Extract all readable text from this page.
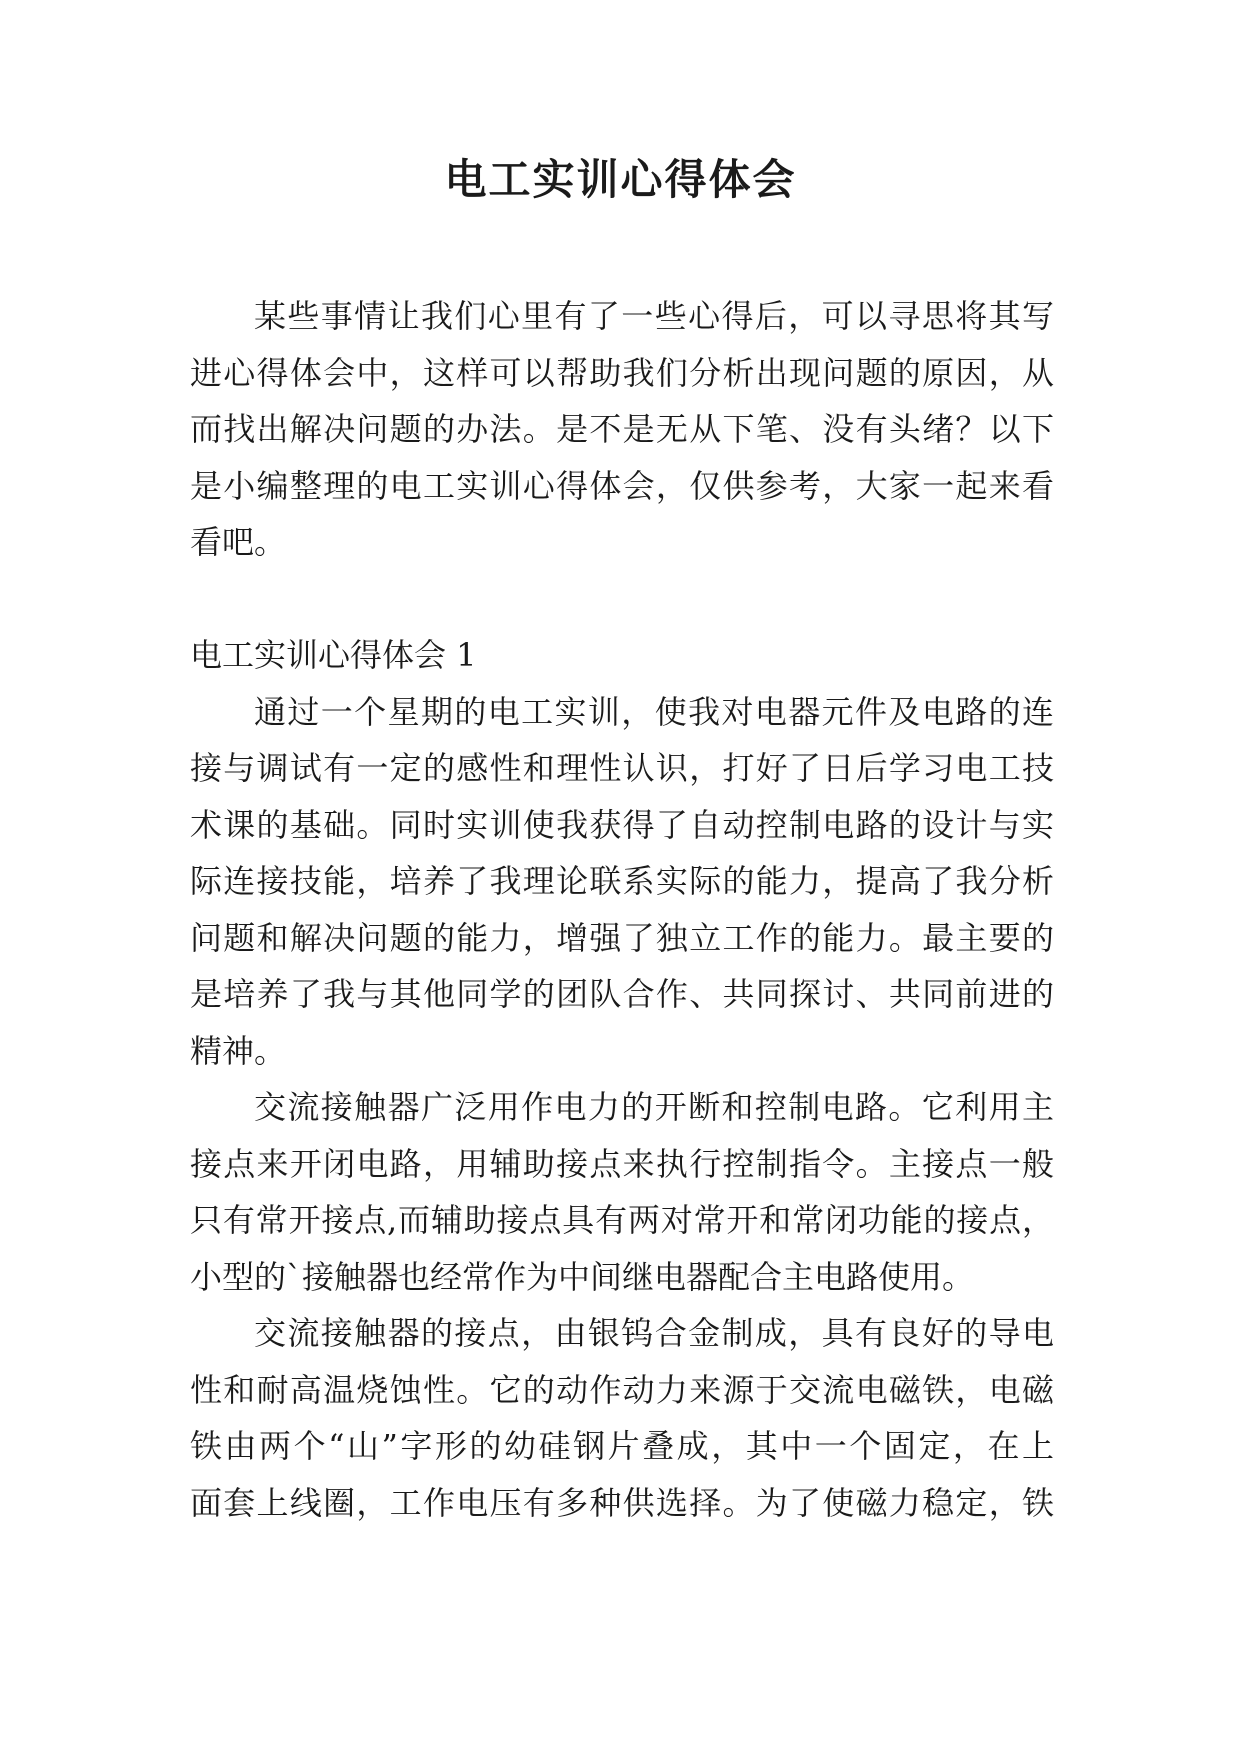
电工实训心得体会
某些事情让我们心里有了一些心得后，可以寻思将其写
进心得体会中，这样可以帮助我们分析出现问题的原因，从
而找出解决问题的办法。是不是无从下笔、没有头绪？以下
是小编整理的电工实训心得体会，仅供参考，大家一起来看
看吧。
电工实训心得体会 1
通过一个星期的电工实训，使我对电器元件及电路的连
接与调试有一定的感性和理性认识，打好了日后学习电工技
术课的基础。同时实训使我获得了自动控制电路的设计与实
际连接技能，培养了我理论联系实际的能力，提高了我分析
问题和解决问题的能力，增强了独立工作的能力。最主要的
是培养了我与其他同学的团队合作、共同探讨、共同前进的
精神。
交流接触器广泛用作电力的开断和控制电路。它利用主
接点来开闭电路，用辅助接点来执行控制指令。主接点一般
只有常开接点,而辅助接点具有两对常开和常闭功能的接点，
小型的`接触器也经常作为中间继电器配合主电路使用。
交流接触器的接点，由银钨合金制成，具有良好的导电
性和耐高温烧蚀性。它的动作动力来源于交流电磁铁，电磁
铁由两个“山”字形的幼硅钢片叠成，其中一个固定，在上
面套上线圈，工作电压有多种供选择。为了使磁力稳定，铁
